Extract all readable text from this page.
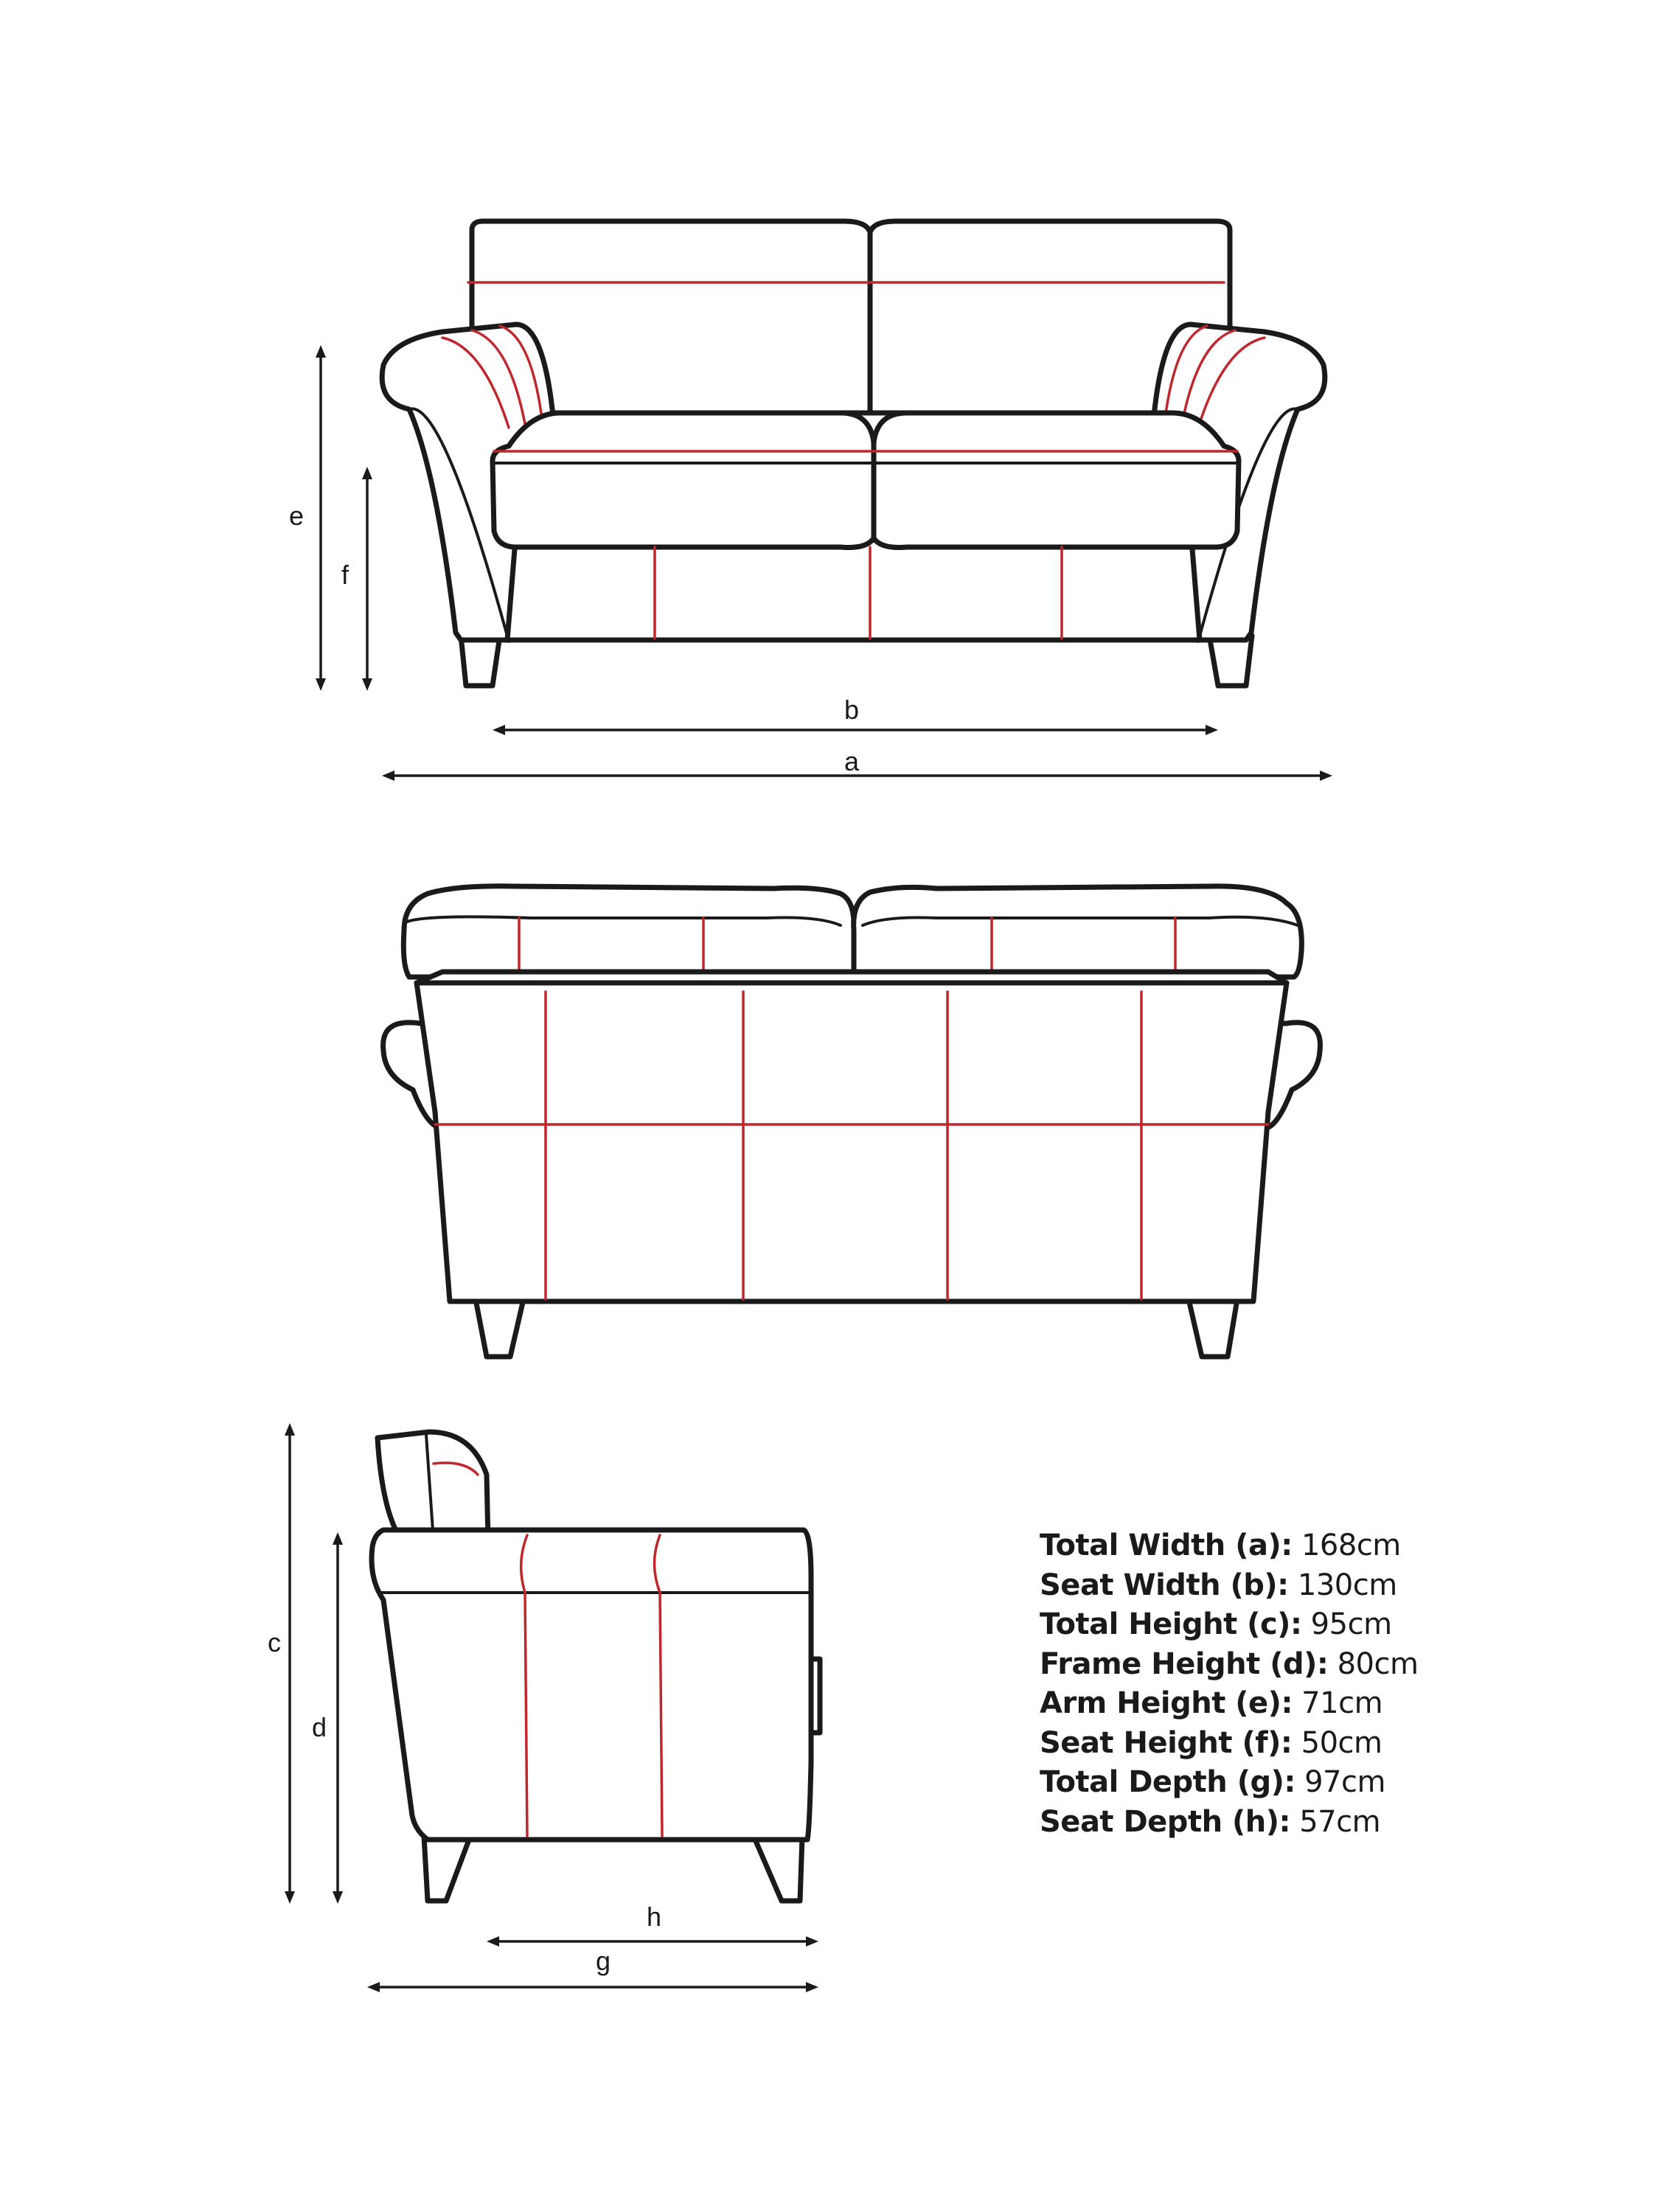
e
f
b
a
c
d
h
g
Total Width (a): 168cm
Seat Width (b): 130cm
Total Height (c): 95cm
Frame Height (d): 80cm
Arm Height (e): 71cm
Seat Height (f): 50cm
Total Depth (g): 97cm
Seat Depth (h): 57cm
